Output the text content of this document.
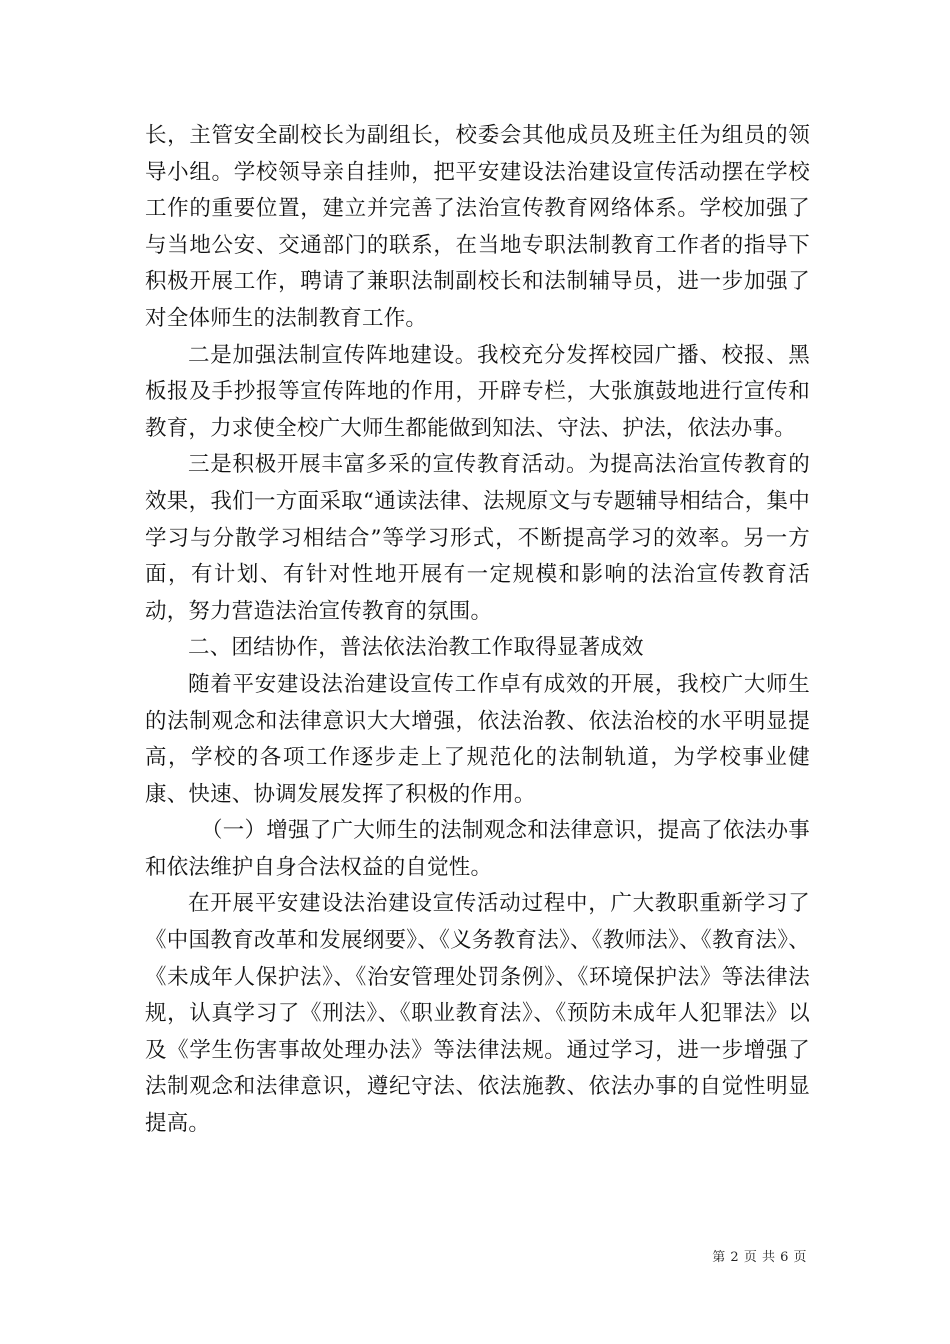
长，主管安全副校长为副组长，校委会其他成员及班主任为组员的领导小组。学校领导亲自挂帅，把平安建设法治建设宣传活动摆在学校工作的重要位置，建立并完善了法治宣传教育网络体系。学校加强了与当地公安、交通部门的联系，在当地专职法制教育工作者的指导下积极开展工作，聘请了兼职法制副校长和法制辅导员，进一步加强了对全体师生的法制教育工作。

二是加强法制宣传阵地建设。我校充分发挥校园广播、校报、黑板报及手抄报等宣传阵地的作用，开辟专栏，大张旗鼓地进行宣传和教育，力求使全校广大师生都能做到知法、守法、护法，依法办事。

三是积极开展丰富多采的宣传教育活动。为提高法治宣传教育的效果，我们一方面采取“通读法律、法规原文与专题辅导相结合，集中学习与分散学习相结合”等学习形式，不断提高学习的效率。另一方面，有计划、有针对性地开展有一定规模和影响的法治宣传教育活动，努力营造法治宣传教育的氛围。

二、团结协作，普法依法治教工作取得显著成效

随着平安建设法治建设宣传工作卓有成效的开展，我校广大师生的法制观念和法律意识大大增强，依法治教、依法治校的水平明显提高，学校的各项工作逐步走上了规范化的法制轨道，为学校事业健康、快速、协调发展发挥了积极的作用。

（一）增强了广大师生的法制观念和法律意识，提高了依法办事和依法维护自身合法权益的自觉性。

在开展平安建设法治建设宣传活动过程中，广大教职重新学习了《中国教育改革和发展纲要》、《义务教育法》、《教师法》、《教育法》、《未成年人保护法》、《治安管理处罚条例》、《环境保护法》等法律法规，认真学习了《刑法》、《职业教育法》、《预防未成年人犯罪法》以及《学生伤害事故处理办法》等法律法规。通过学习，进一步增强了法制观念和法律意识，遵纪守法、依法施教、依法办事的自觉性明显提高。

第 2 页 共 6 页
